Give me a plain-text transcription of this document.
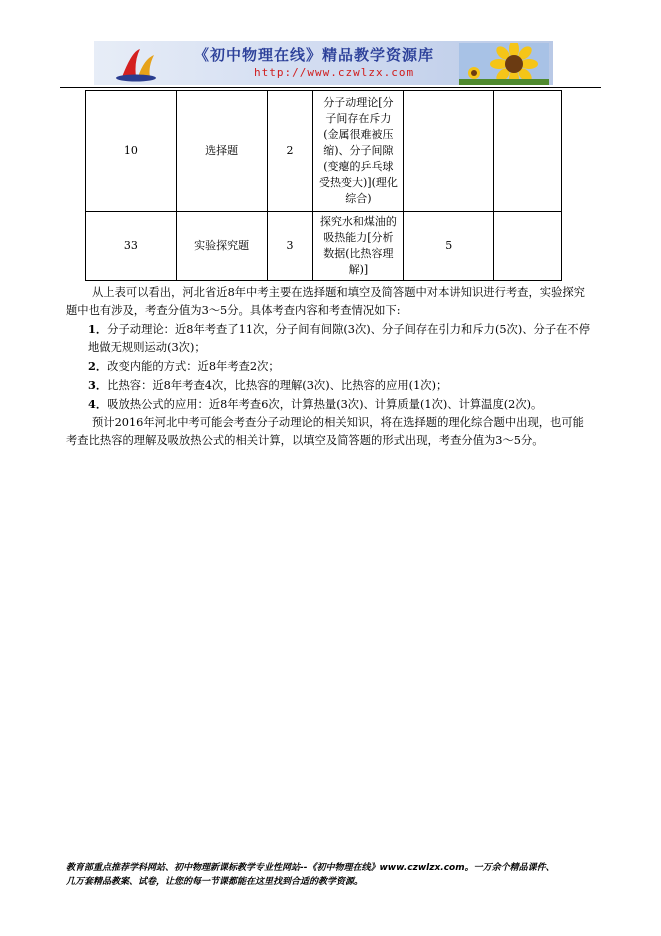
《初中物理在线》精品教学资源库
http://www.czwlzx.com
10	选择题	2	分子动理论[分子间存在斥力(金属很难被压缩)、分子间隙(变瘪的乒乓球受热变大)](理化综合)		
33	实验探究题	3	探究水和煤油的吸热能力[分析数据(比热容理解)]	5	

从上表可以看出，河北省近8年中考主要在选择题和填空及简答题中对本讲知识进行考查，实验探究题中也有涉及，考查分值为3～5分。具体考查内容和考查情况如下:

1．分子动理论：近8年考查了11次，分子间有间隙(3次)、分子间存在引力和斥力(5次)、分子在不停地做无规则运动(3次)；

2．改变内能的方式：近8年考查2次；

3．比热容：近8年考查4次，比热容的理解(3次)、比热容的应用(1次)；

4．吸放热公式的应用：近8年考查6次，计算热量(3次)、计算质量(1次)、计算温度(2次)。

预计2016年河北中考可能会考查分子动理论的相关知识，将在选择题的理化综合题中出现，也可能考查比热容的理解及吸放热公式的相关计算，以填空及简答题的形式出现，考查分值为3～5分。

教育部重点推荐学科网站、初中物理新课标教学专业性网站--《初中物理在线》www.czwlzx.com。一万余个精品课件、
几万套精品教案、试卷，让您的每一节课都能在这里找到合适的教学资源。
